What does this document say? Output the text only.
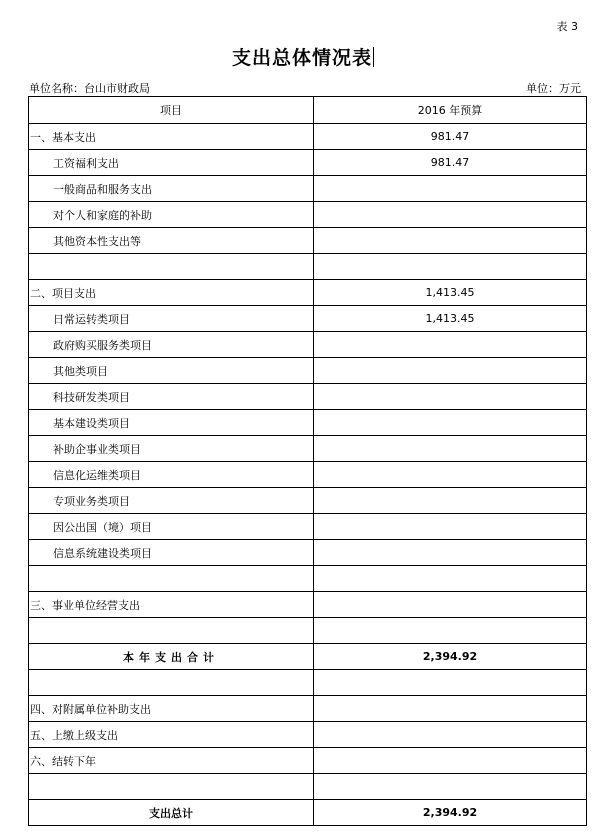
表 3
支出总体情况表
单位名称：台山市财政局	单位：万元
项目	2016 年预算
一、基本支出	981.47
工资福利支出	981.47
一般商品和服务支出	
对个人和家庭的补助	
其他资本性支出等	

二、项目支出	1,413.45
日常运转类项目	1,413.45
政府购买服务类项目	
其他类项目	
科技研发类项目	
基本建设类项目	
补助企事业类项目	
信息化运维类项目	
专项业务类项目	
因公出国（境）项目	
信息系统建设类项目	

三、事业单位经营支出	

本年支出合计	2,394.92

四、对附属单位补助支出	
五、上缴上级支出	
六、结转下年	

支出总计	2,394.92
